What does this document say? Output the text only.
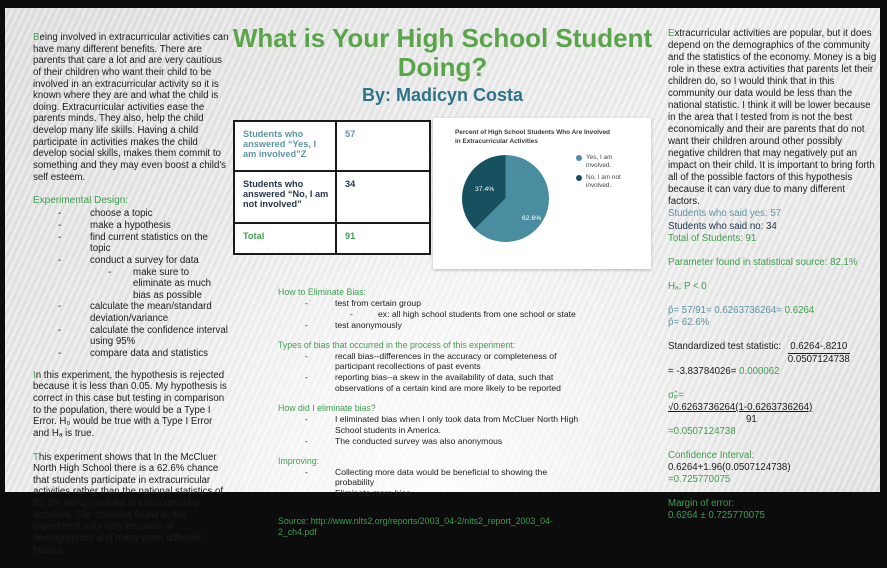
What is Your High School Student Doing?
By: Madicyn Costa
Being involved in extracurricular activities can have many different benefits. There are parents that care a lot and are very cautious of their children who want their child to be involved in an extracurricular activity so it is known where they are and what the child is doing. Extracurricular activities ease the parents minds. They also, help the child develop many life skills. Having a child participate in activities makes the child develop social skills, makes them commit to something and they may even boost a child's self esteem.
Experimental Design:
-	choose a topic
-	make a hypothesis
-	find current statistics on the topic
-	conduct a survey for data
-	make sure to eliminate as much bias as possible
-	calculate the mean/standard deviation/variance
-	calculate the confidence interval using 95%
-	compare data and statistics
In this experiment, the hypothesis is rejected because it is less than 0.05. My hypothesis is correct in this case but testing in comparison to the population, there would be a Type I Error. H₀ would be true with a Type I Error and Hₐ is true.
This experiment shows that In the McCluer North High School there is a 62.6% chance that students participate in extracurricular activities rather than the national statistics of 82.1% being involved in extracurricular activities. The statistics found in this experiment may vary because of demographics and many other different factors.
Students who answered “Yes, I am involved”Z
57
Students who answered “No, I am not involved”
34
Total	91
Percent of High School Students Who Are Involved in Extracurricular Activities
62.6%
37.4%
Yes, I am involved.
No, I am not involved.
How to Eliminate Bias:
-	test from certain group
-	ex: all high school students from one school or state
-	test anonymously
Types of bias that occurred in the process of this experiment:
-	recall bias--differences in the accuracy or completeness of participant recollections of past events
-	reporting bias--a skew in the availability of data, such that observations of a certain kind are more likely to be reported
How did I eliminate bias?
-	I eliminated bias when I only took data from McCluer North High School students in America.
-	The conducted survey was also anonymous
Improving:
-	Collecting more data would be beneficial to showing the probability
-	Eliminate more bias
Source: http://www.nlts2.org/reports/2003_04-2/nlts2_report_2003_04-2_ch4.pdf
Extracurricular activities are popular, but it does depend on the demographics of the community and the statistics of the economy. Money is a big role in these extra activities that parents let their children do, so I would think that in this community our data would be less than the national statistic. I think it will be lower because in the area that I tested from is not the best economically and their are parents that do not want their children around other possibly negative children that may negatively put an impact on their child. It is important to bring forth all of the possible factors of this hypothesis because it can vary due to many different factors.
Students who said yes: 57
Students who said no: 34
Total of Students: 91
Parameter found in statistical source: 82.1%
Hₐ: P < 0
p̂= 57/91= 0.6263736264= 0.6264
p̂= 62.6%
Standardized test statistic: $\frac{0.6264-.8210}{0.0507124738}$
= -3.83784026= 0.000062
σₚ̂=
√0.6263736264(1-0.6263736264)
91
=0.0507124738
Confidence Interval:
0.6264+1.96(0.0507124738)
=0.725770075
Margin of error:
0.6264 ± 0.725770075
